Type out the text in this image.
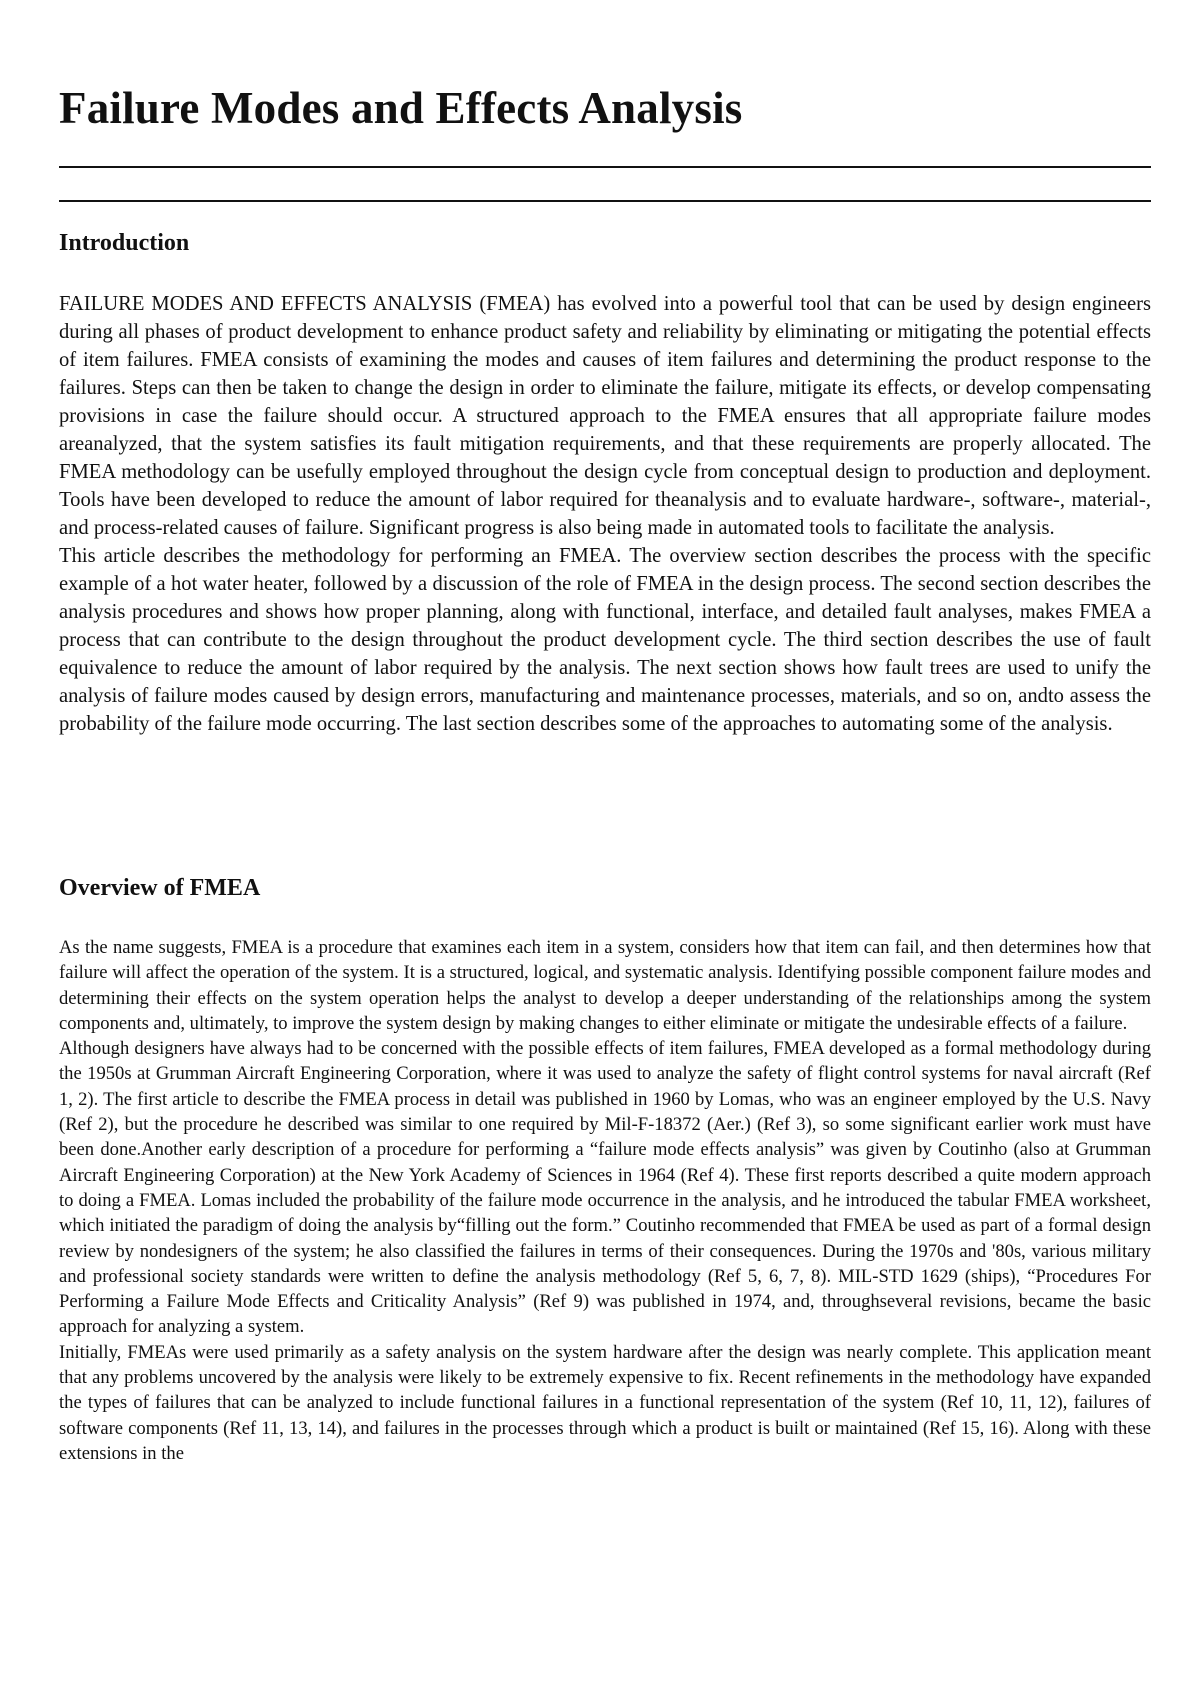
Failure Modes and Effects Analysis
Introduction

FAILURE MODES AND EFFECTS ANALYSIS (FMEA) has evolved into a powerful tool that can be used by design engineers during all phases of product development to enhance product safety and reliability by eliminating or mitigating the potential effects of item failures. FMEA consists of examining the modes and causes of item failures and determining the product response to the failures. Steps can then be taken to change the design in order to eliminate the failure, mitigate its effects, or develop compensating provisions in case the failure should occur. A structured approach to the FMEA ensures that all appropriate failure modes areanalyzed, that the system satisfies its fault mitigation requirements, and that these requirements are properly allocated. The FMEA methodology can be usefully employed throughout the design cycle from conceptual design to production and deployment. Tools have been developed to reduce the amount of labor required for theanalysis and to evaluate hardware-, software-, material-, and process-related causes of failure. Significant progress is also being made in automated tools to facilitate the analysis.

This article describes the methodology for performing an FMEA. The overview section describes the process with the specific example of a hot water heater, followed by a discussion of the role of FMEA in the design process. The second section describes the analysis procedures and shows how proper planning, along with functional, interface, and detailed fault analyses, makes FMEA a process that can contribute to the design throughout the product development cycle. The third section describes the use of fault equivalence to reduce the amount of labor required by the analysis. The next section shows how fault trees are used to unify the analysis of failure modes caused by design errors, manufacturing and maintenance processes, materials, and so on, andto assess the probability of the failure mode occurring. The last section describes some of the approaches to automating some of the analysis.

Overview of FMEA

As the name suggests, FMEA is a procedure that examines each item in a system, considers how that item can fail, and then determines how that failure will affect the operation of the system. It is a structured, logical, and systematic analysis. Identifying possible component failure modes and determining their effects on the system operation helps the analyst to develop a deeper understanding of the relationships among the system components and, ultimately, to improve the system design by making changes to either eliminate or mitigate the undesirable effects of a failure.

Although designers have always had to be concerned with the possible effects of item failures, FMEA developed as a formal methodology during the 1950s at Grumman Aircraft Engineering Corporation, where it was used to analyze the safety of flight control systems for naval aircraft (Ref 1, 2). The first article to describe the FMEA process in detail was published in 1960 by Lomas, who was an engineer employed by the U.S. Navy (Ref 2), but the procedure he described was similar to one required by Mil-F-18372 (Aer.) (Ref 3), so some significant earlier work must have been done.Another early description of a procedure for performing a “failure mode effects analysis” was given by Coutinho (also at Grumman Aircraft Engineering Corporation) at the New York Academy of Sciences in 1964 (Ref 4). These first reports described a quite modern approach to doing a FMEA. Lomas included the probability of the failure mode occurrence in the analysis, and he introduced the tabular FMEA worksheet, which initiated the paradigm of doing the analysis by“filling out the form.” Coutinho recommended that FMEA be used as part of a formal design review by nondesigners of the system; he also classified the failures in terms of their consequences. During the 1970s and '80s, various military and professional society standards were written to define the analysis methodology (Ref 5, 6, 7, 8). MIL-STD 1629 (ships), “Procedures For Performing a Failure Mode Effects and Criticality Analysis” (Ref 9) was published in 1974, and, throughseveral revisions, became the basic approach for analyzing a system.

Initially, FMEAs were used primarily as a safety analysis on the system hardware after the design was nearly complete. This application meant that any problems uncovered by the analysis were likely to be extremely expensive to fix. Recent refinements in the methodology have expanded the types of failures that can be analyzed to include functional failures in a functional representation of the system (Ref 10, 11, 12), failures of software components (Ref 11, 13, 14), and failures in the processes through which a product is built or maintained (Ref 15, 16). Along with these extensions in the
